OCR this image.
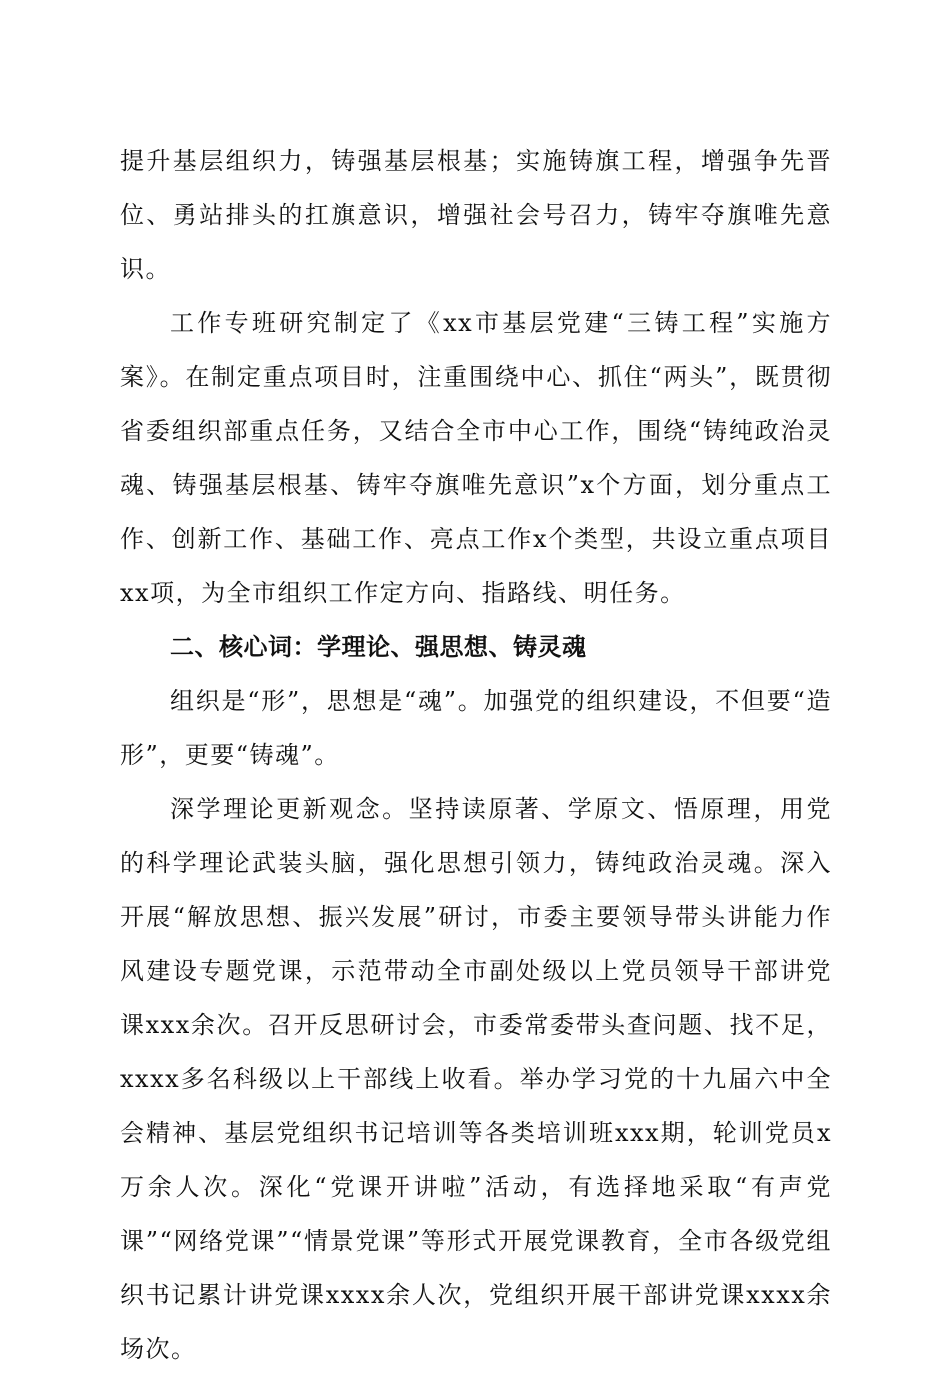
提升基层组织力，铸强基层根基；实施铸旗工程，增强争先晋位、勇站排头的扛旗意识，增强社会号召力，铸牢夺旗唯先意识。

工作专班研究制定了《xx市基层党建“三铸工程”实施方案》。在制定重点项目时，注重围绕中心、抓住“两头”，既贯彻省委组织部重点任务，又结合全市中心工作，围绕“铸纯政治灵魂、铸强基层根基、铸牢夺旗唯先意识”x个方面，划分重点工作、创新工作、基础工作、亮点工作x个类型，共设立重点项目xx项，为全市组织工作定方向、指路线、明任务。

二、核心词：学理论、强思想、铸灵魂

组织是“形”，思想是“魂”。加强党的组织建设，不但要“造形”，更要“铸魂”。

深学理论更新观念。坚持读原著、学原文、悟原理，用党的科学理论武装头脑，强化思想引领力，铸纯政治灵魂。深入开展“解放思想、振兴发展”研讨，市委主要领导带头讲能力作风建设专题党课，示范带动全市副处级以上党员领导干部讲党课xxx余次。召开反思研讨会，市委常委带头查问题、找不足，xxxx多名科级以上干部线上收看。举办学习党的十九届六中全会精神、基层党组织书记培训等各类培训班xxx期，轮训党员x万余人次。深化“党课开讲啦”活动，有选择地采取“有声党课”“网络党课”“情景党课”等形式开展党课教育，全市各级党组织书记累计讲党课xxxx余人次，党组织开展干部讲党课xxxx余场次。
